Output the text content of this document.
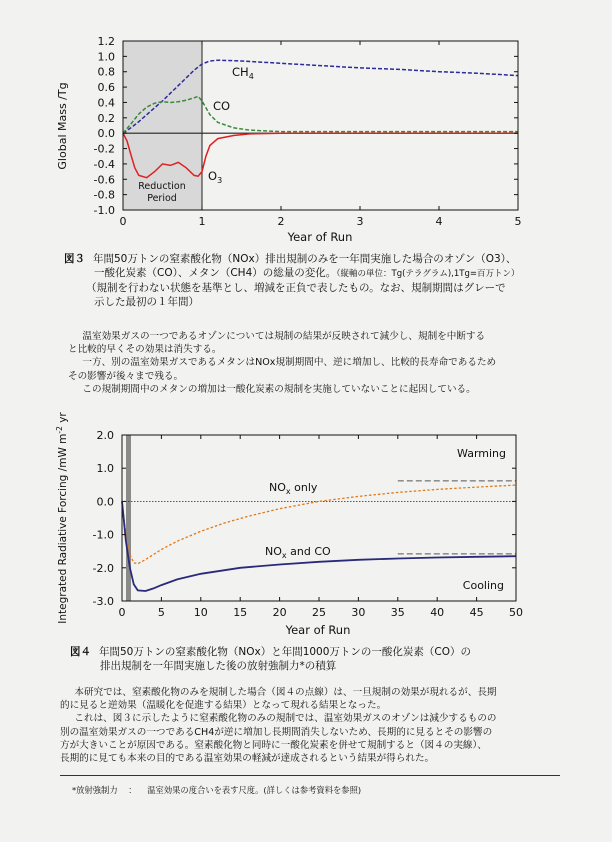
Reduction
Period
1.2
1.0
0.8
0.6
0.4
0.2
0.0
-0.2
-0.4
-0.6
-0.8
-1.0
0	1	2	3	4	5
Global Mass /Tg
Year of Run
$CH_4$
CO
$O_3$
図３ 年間50万トンの窒素酸化物（NOx）排出規制のみを一年間実施した場合のオゾン（O3）、
一酸化炭素（CO）、メタン（CH4）の総量の変化。（縦軸の単位：Tg(テラグラム),1Tg=百万トン）
（規制を行わない状態を基準とし、増減を正負で表したもの。なお、規制期間はグレーで
示した最初の１年間）

温室効果ガスの一つであるオゾンについては規制の結果が反映されて減少し、規制を中断する

と比較的早くその効果は消失する。

一方、別の温室効果ガスであるメタンはNOx規制期間中、逆に増加し、比較的長寿命であるため

その影響が後々まで残る。

この規制期間中のメタンの増加は一酸化炭素の規制を実施していないことに起因している。

2.0
1.0
0.0
-1.0
-2.0
-3.0
0	5	10 15 20 25 30 35 40 45 50
Integrated Radiative Forcing /mW $m^{-2}$ yr
Year of Run
Warming
Cooling
$NO_x$ only
$NO_x$ and CO
図４ 年間50万トンの窒素酸化物（NOx）と年間1000万トンの一酸化炭素（CO）の
排出規制を一年間実施した後の放射強制力*の積算

本研究では、窒素酸化物のみを規制した場合（図４の点線）は、一旦規制の効果が現れるが、長期

的に見ると逆効果（温暖化を促進する結果）となって現れる結果となった。

これは、図３に示したように窒素酸化物のみの規制では、温室効果ガスのオゾンは減少するものの

別の温室効果ガスの一つであるCH4が逆に増加し長期間消失しないため、長期的に見るとその影響の

方が大きいことが原因である。窒素酸化物と同時に一酸化炭素を併せて規制すると（図４の実線）、

長期的に見ても本来の目的である温室効果の軽減が達成されるという結果が得られた。

*放射強制力 ： 温室効果の度合いを表す尺度。(詳しくは参考資料を参照)
